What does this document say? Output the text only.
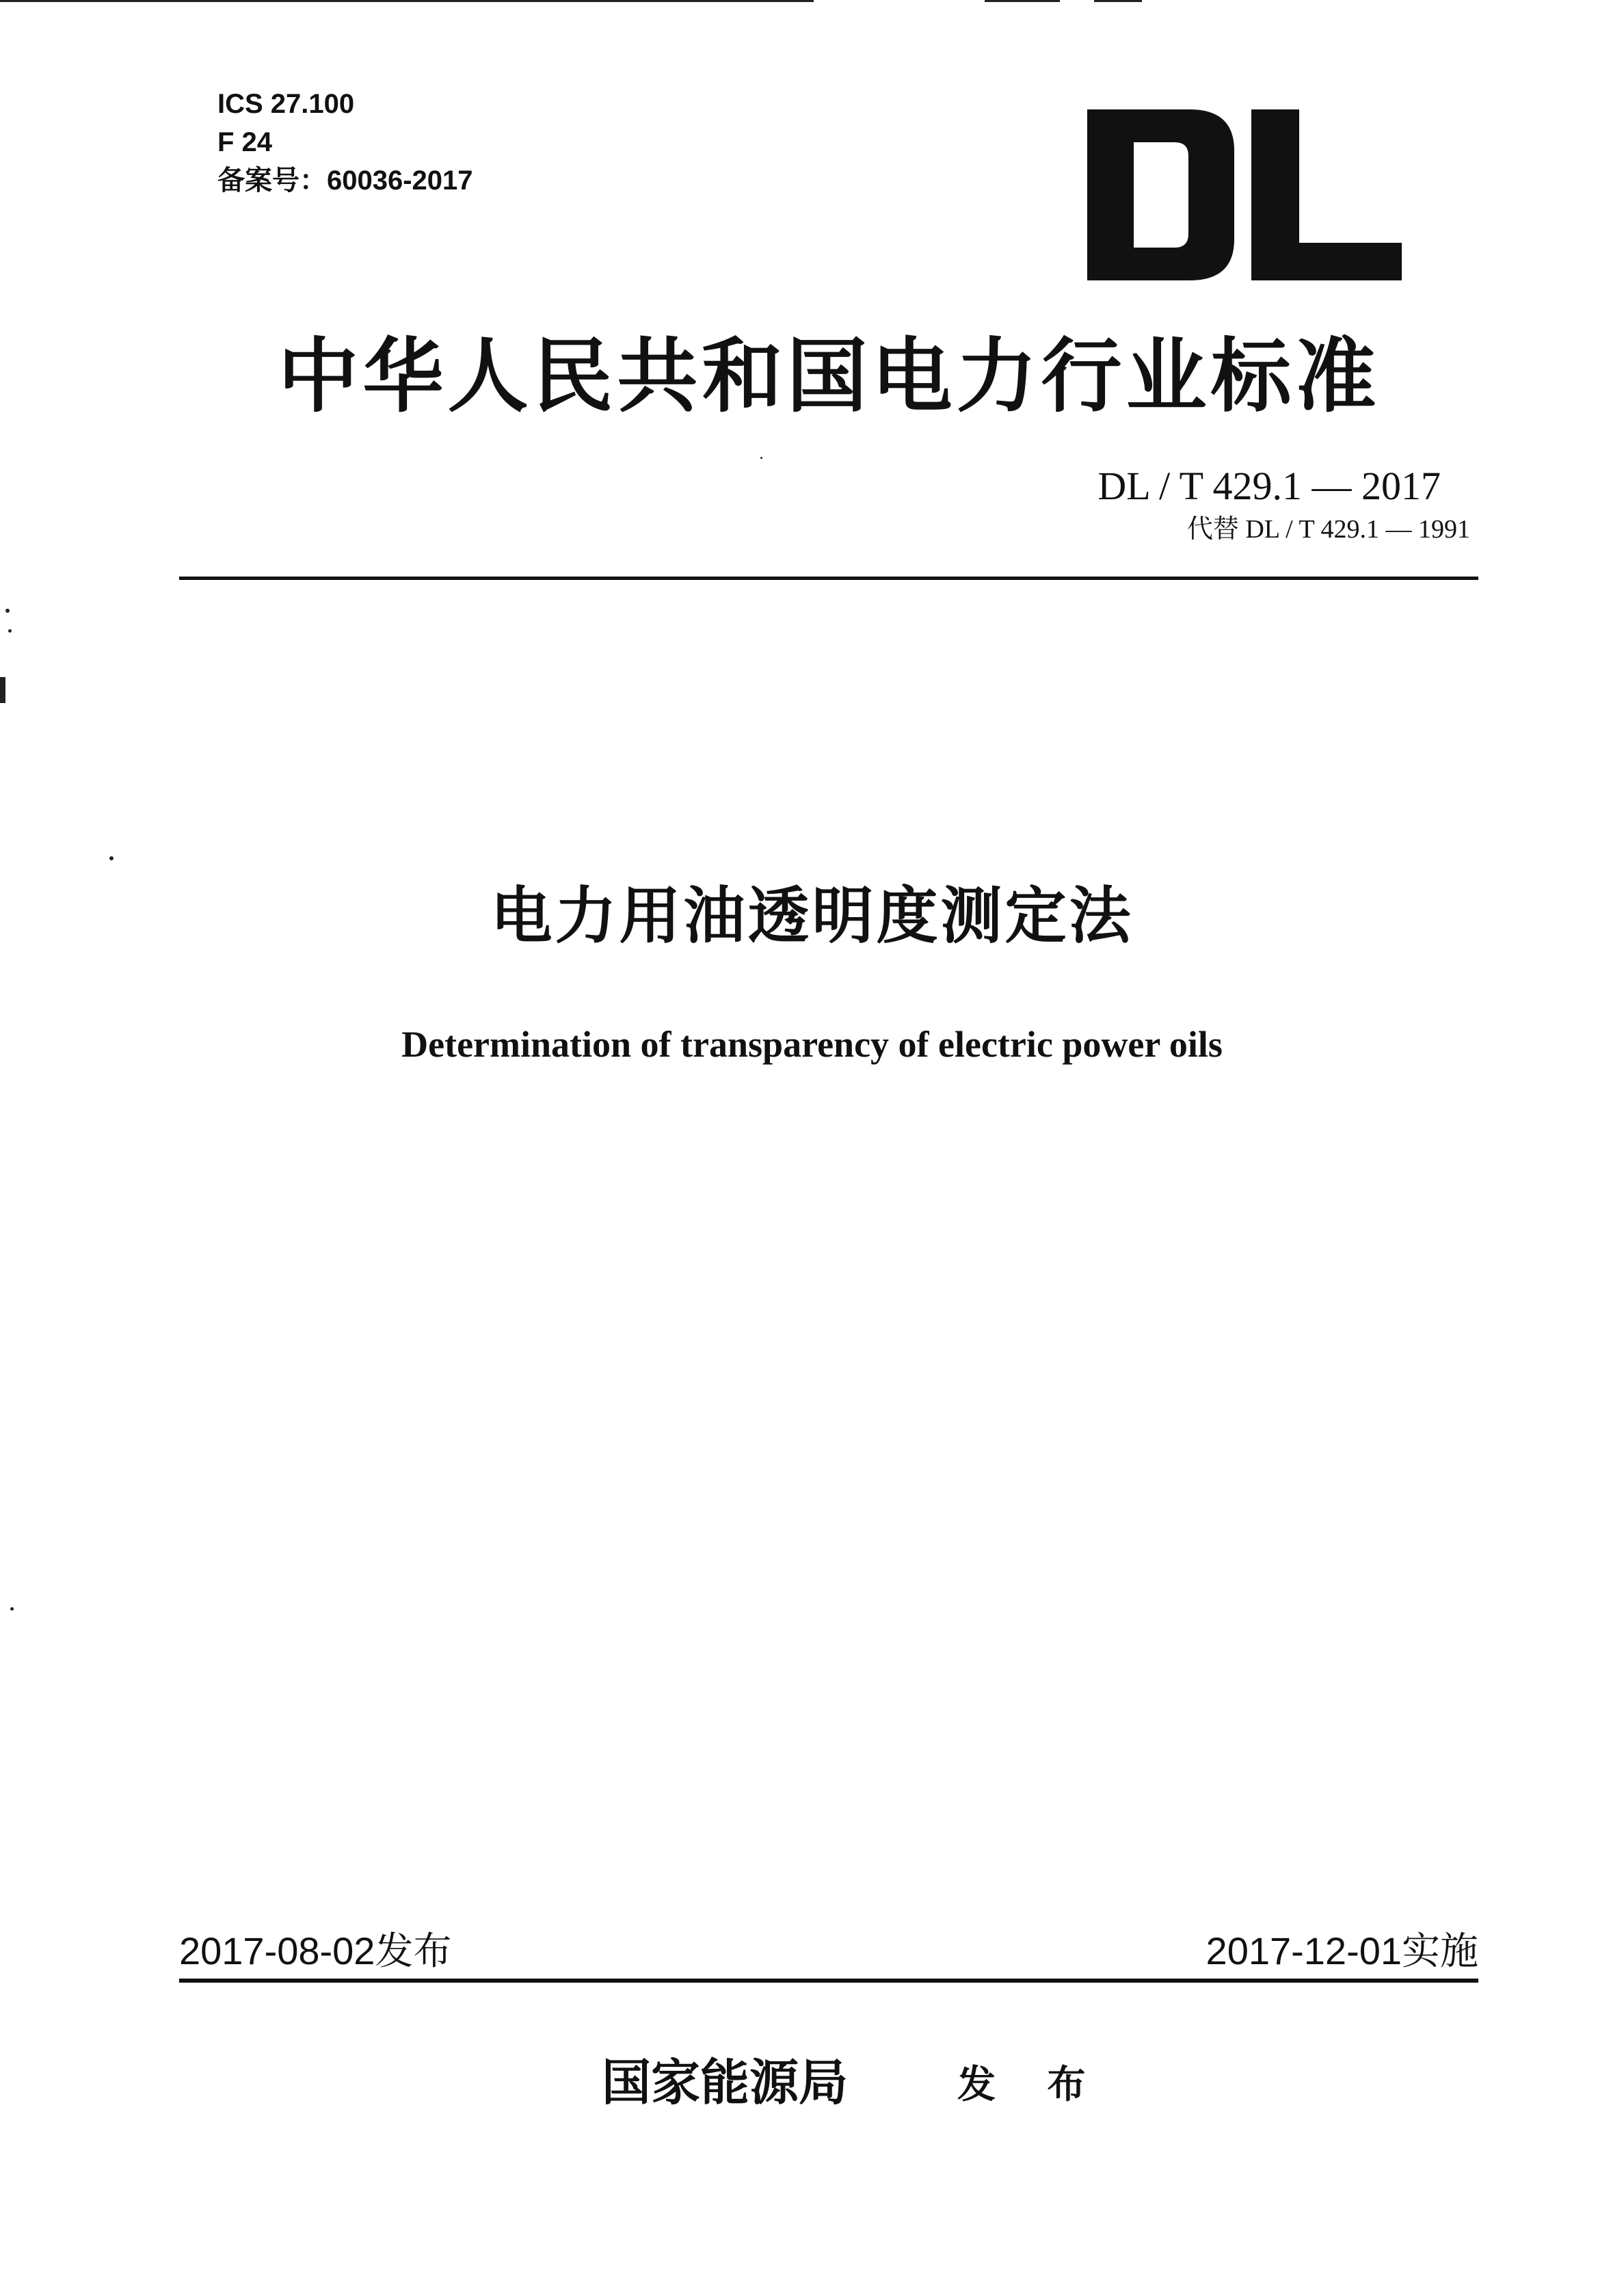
ICS 27.100

F 24

备案号：60036-2017

中华人民共和国电力行业标准

DL / T 429.1 — 2017

代替 DL / T 429.1 — 1991

电力用油透明度测定法
Determination of transparency of electric power oils

2017-08-02发布	2017-12-01实施

国家能源局	发 布
